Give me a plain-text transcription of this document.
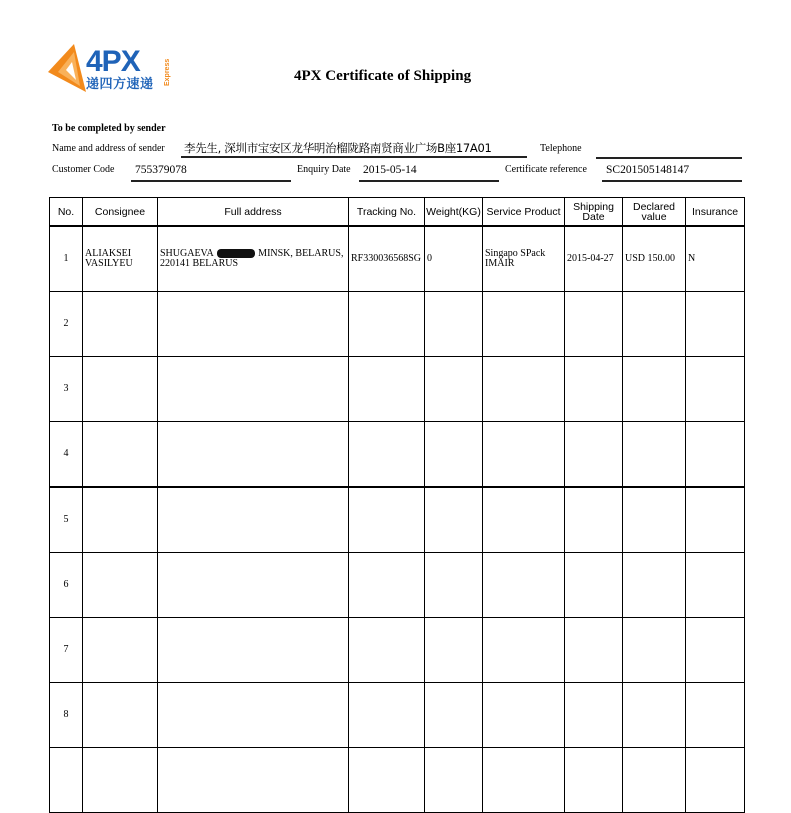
4PX
递四方速递 Express	4PX Certificate of Shipping
To be completed by sender
Name and address of sender 李先生, 深圳市宝安区龙华明治榴陇路南贤商业广场B座17A01	Telephone
Customer Code 755379078	Enquiry Date 2015-05-14	Certificate reference SC201505148147
No.	Consignee	Full address	Tracking No.	Weight(KG)	Service Product	Shipping Date	Declared value	Insurance
1	ALIAKSEI VASILYEU	SHUGAEVA MINSK, BELARUS, 220141 BELARUS	RF330036568SG	0	Singapo SPack IMAIR	2015-04-27	USD 150.00	N
2								
3								
4								
5								
6								
7								
8								
